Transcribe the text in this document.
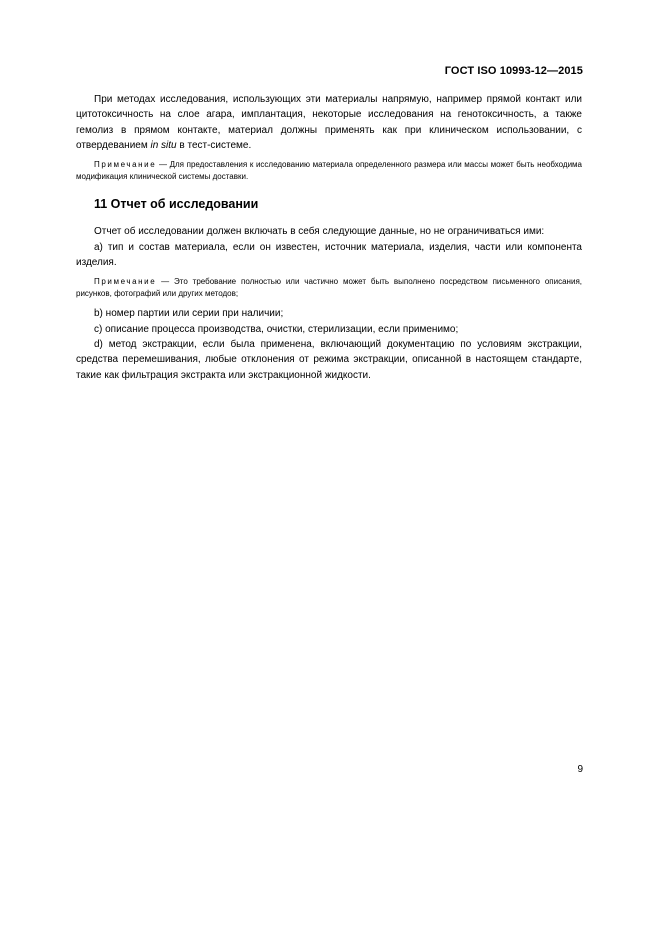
ГОСТ ISO 10993-12—2015

При методах исследования, использующих эти материалы напрямую, например прямой контакт или цитотоксичность на слое агара, имплантация, некоторые исследования на генотоксичность, а также гемолиз в прямом контакте, материал должны применять как при клиническом использовании, с отвердеванием in situ в тест-системе.

Примечание — Для предоставления к исследованию материала определенного размера или массы может быть необходима модификация клинической системы доставки.

11 Отчет об исследовании

Отчет об исследовании должен включать в себя следующие данные, но не ограничиваться ими:

a) тип и состав материала, если он известен, источник материала, изделия, части или компонента изделия.

Примечание — Это требование полностью или частично может быть выполнено посредством письменного описания, рисунков, фотографий или других методов;

b) номер партии или серии при наличии;

c) описание процесса производства, очистки, стерилизации, если применимо;

d) метод экстракции, если была применена, включающий документацию по условиям экстракции, средства перемешивания, любые отклонения от режима экстракции, описанной в настоящем стандарте, такие как фильтрация экстракта или экстракционной жидкости.

9
